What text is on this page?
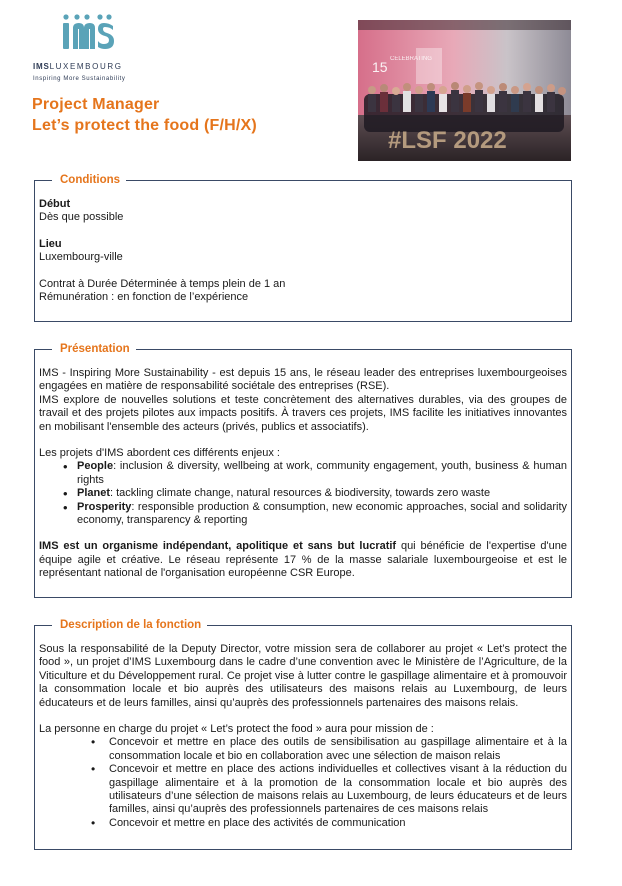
IMSLUXEMBOURG
Inspiring More Sustainability
Project Manager
Let’s protect the food (F/H/X)
15 CELEBRATING
#LSF 2022
Conditions
Début
Dès que possible
Lieu
Luxembourg-ville
Contrat à Durée Déterminée à temps plein de 1 an
Rémunération : en fonction de l’expérience
Présentation
IMS - Inspiring More Sustainability - est depuis 15 ans, le réseau leader des entreprises luxembourgeoises engagées en matière de responsabilité sociétale des entreprises (RSE).
IMS explore de nouvelles solutions et teste concrètement des alternatives durables, via des groupes de travail et des projets pilotes aux impacts positifs. À travers ces projets, IMS facilite les initiatives innovantes en mobilisant l'ensemble des acteurs (privés, publics et associatifs).
Les projets d'IMS abordent ces différents enjeux :
• People: inclusion & diversity, wellbeing at work, community engagement, youth, business & human rights
• Planet: tackling climate change, natural resources & biodiversity, towards zero waste
• Prosperity: responsible production & consumption, new economic approaches, social and solidarity economy, transparency & reporting
IMS est un organisme indépendant, apolitique et sans but lucratif qui bénéficie de l'expertise d'une équipe agile et créative. Le réseau représente 17 % de la masse salariale luxembourgeoise et est le représentant national de l'organisation européenne CSR Europe.
Description de la fonction
Sous la responsabilité de la Deputy Director, votre mission sera de collaborer au projet « Let’s protect the food », un projet d’IMS Luxembourg dans le cadre d’une convention avec le Ministère de l’Agriculture, de la Viticulture et du Développement rural. Ce projet vise à lutter contre le gaspillage alimentaire et à promouvoir la consommation locale et bio auprès des utilisateurs des maisons relais au Luxembourg, de leurs éducateurs et de leurs familles, ainsi qu’auprès des professionnels partenaires des maisons relais.
La personne en charge du projet « Let’s protect the food » aura pour mission de :
• Concevoir et mettre en place des outils de sensibilisation au gaspillage alimentaire et à la consommation locale et bio en collaboration avec une sélection de maison relais
• Concevoir et mettre en place des actions individuelles et collectives visant à la réduction du gaspillage alimentaire et à la promotion de la consommation locale et bio auprès des utilisateurs d’une sélection de maisons relais au Luxembourg, de leurs éducateurs et de leurs familles, ainsi qu’auprès des professionnels partenaires de ces maisons relais
• Concevoir et mettre en place des activités de communication
